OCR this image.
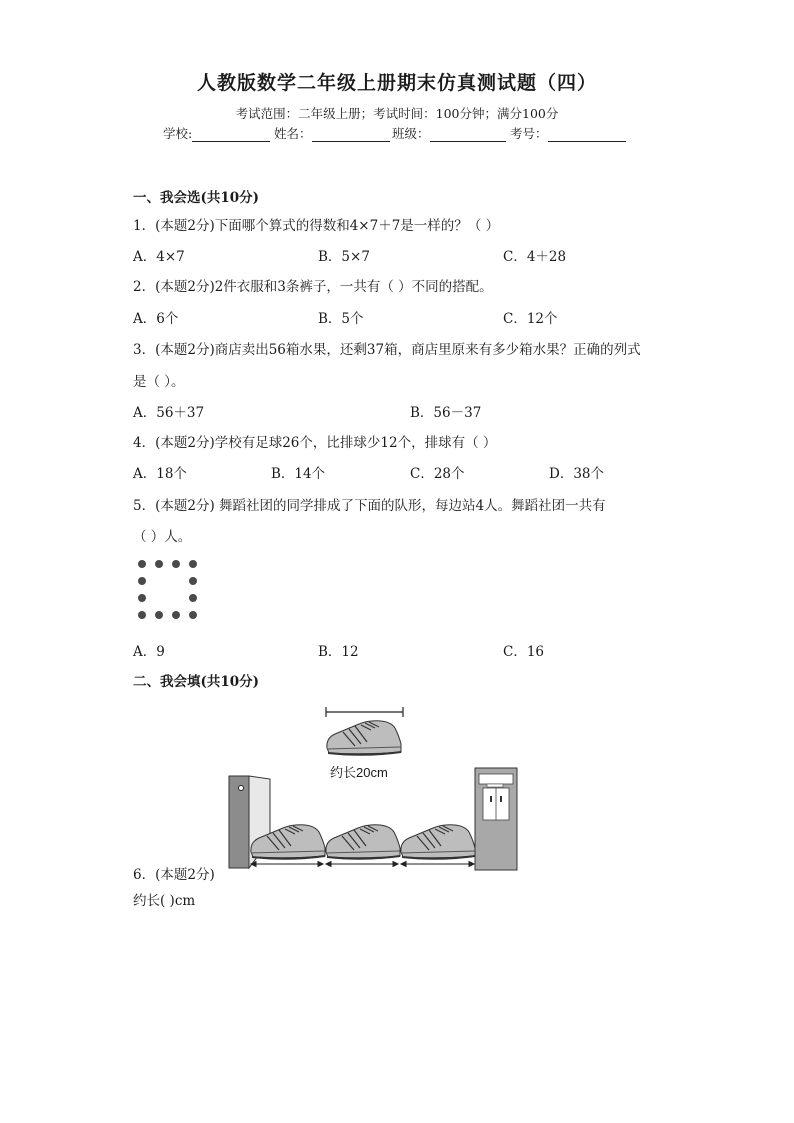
人教版数学二年级上册期末仿真测试题（四）
考试范围：二年级上册；考试时间：100分钟；满分100分
学校:	姓名：	班级：	考号：
一、我会选(共10分)
1．(本题2分)下面哪个算式的得数和4×7＋7是一样的？（ ）
A．4×7	B．5×7	C．4＋28
2．(本题2分)2件衣服和3条裤子，一共有（ ）不同的搭配。
A．6个	B．5个	C．12个
3．(本题2分)商店卖出56箱水果，还剩37箱，商店里原来有多少箱水果？正确的列式
是（ ）。
A．56＋37	B．56－37
4．(本题2分)学校有足球26个，比排球少12个，排球有（ ）
A．18个	B．14个	C．28个	D．38个
5．(本题2分) 舞蹈社团的同学排成了下面的队形，每边站4人。舞蹈社团一共有
（ ）人。
A．9	B．12	C．16
二、我会填(共10分)
约长20cm
6．(本题2分)
约长( )cm
